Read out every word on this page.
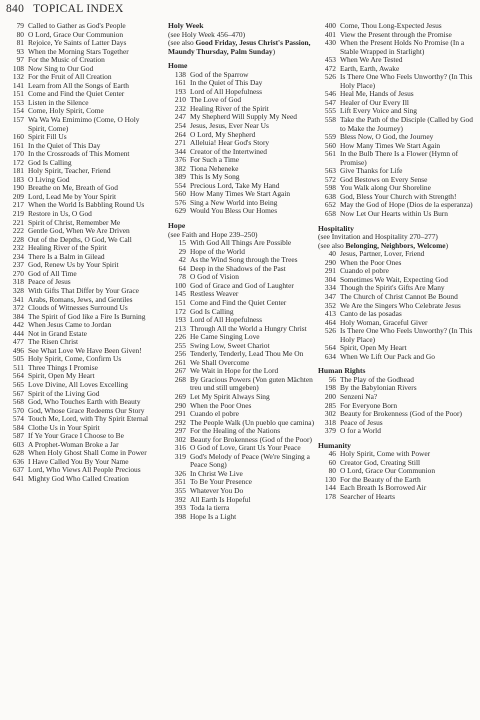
840 TOPICAL INDEX
79 Called to Gather as God's People
80 O Lord, Grace Our Communion
81 Rejoice, Ye Saints of Latter Days
93 When the Morning Stars Together
97 For the Music of Creation
108 Now Sing to Our God
132 For the Fruit of All Creation
141 Learn from All the Songs of Earth
151 Come and Find the Quiet Center
153 Listen in the Silence
154 Come, Holy Spirit, Come
157 Wa Wa Wa Emimimo (Come, O Holy Spirit, Come)
160 Spirit Fill Us
161 In the Quiet of This Day
170 In the Crossroads of This Moment
172 God Is Calling
181 Holy Spirit, Teacher, Friend
183 O Living God
190 Breathe on Me, Breath of God
209 Lord, Lead Me by Your Spirit
217 When the World Is Babbling Round Us
219 Restore in Us, O God
221 Spirit of Christ, Remember Me
222 Gentle God, When We Are Driven
228 Out of the Depths, O God, We Call
232 Healing River of the Spirit
234 There Is a Balm in Gilead
237 God, Renew Us by Your Spirit
270 God of All Time
318 Peace of Jesus
328 With Gifts That Differ by Your Grace
341 Arabs, Romans, Jews, and Gentiles
372 Clouds of Witnesses Surround Us
384 The Spirit of God like a Fire Is Burning
442 When Jesus Came to Jordan
444 Not in Grand Estate
477 The Risen Christ
496 See What Love We Have Been Given!
505 Holy Spirit, Come, Confirm Us
511 Three Things I Promise
564 Spirit, Open My Heart
565 Love Divine, All Loves Excelling
567 Spirit of the Living God
568 God, Who Touches Earth with Beauty
570 God, Whose Grace Redeems Our Story
574 Touch Me, Lord, with Thy Spirit Eternal
584 Clothe Us in Your Spirit
587 If Ye Your Grace I Choose to Be
603 A Prophet-Woman Broke a Jar
628 When Holy Ghost Shall Come in Power
636 I Have Called You By Your Name
637 Lord, Who Views All People Precious
641 Mighty God Who Called Creation
Holy Week
(see Holy Week 456–470)
(see also Good Friday, Jesus Christ's Passion, Maundy Thursday, Palm Sunday)
Home
138 God of the Sparrow
161 In the Quiet of This Day
193 Lord of All Hopefulness
210 The Love of God
232 Healing River of the Spirit
247 My Shepherd Will Supply My Need
254 Jesus, Jesus, Ever Near Us
264 O Lord, My Shepherd
271 Alleluia! Hear God's Story
344 Creator of the Intertwined
376 For Such a Time
382 Tiona Neheneke
389 This Is My Song
554 Precious Lord, Take My Hand
560 How Many Times We Start Again
576 Sing a New World into Being
629 Would You Bless Our Homes
Hope
(see Faith and Hope 239–250)
15 With God All Things Are Possible
29 Hope of the World
42 As the Wind Song through the Trees
64 Deep in the Shadows of the Past
78 O God of Vision
100 God of Grace and God of Laughter
145 Restless Weaver
151 Come and Find the Quiet Center
172 God Is Calling
193 Lord of All Hopefulness
213 Through All the World a Hungry Christ
226 He Came Singing Love
255 Swing Low, Sweet Chariot
256 Tenderly, Tenderly, Lead Thou Me On
261 We Shall Overcome
267 We Wait in Hope for the Lord
268 By Gracious Powers (Von guten Mächten treu und still umgeben)
269 Let My Spirit Always Sing
290 When the Poor Ones
291 Cuando el pobre
292 The People Walk (Un pueblo que camina)
297 For the Healing of the Nations
302 Beauty for Brokenness (God of the Poor)
316 O God of Love, Grant Us Your Peace
319 God's Melody of Peace (We're Singing a Peace Song)
326 In Christ We Live
351 To Be Your Presence
355 Whatever You Do
392 All Earth Is Hopeful
393 Toda la tierra
398 Hope Is a Light
400 Come, Thou Long-Expected Jesus
401 View the Present through the Promise
430 When the Present Holds No Promise (In a Stable Wrapped in Starlight)
453 When We Are Tested
472 Earth, Earth, Awake
526 Is There One Who Feels Unworthy? (In This Holy Place)
546 Heal Me, Hands of Jesus
547 Healer of Our Every Ill
555 Lift Every Voice and Sing
558 Take the Path of the Disciple (Called by God to Make the Journey)
559 Bless Now, O God, the Journey
560 How Many Times We Start Again
561 In the Bulb There Is a Flower (Hymn of Promise)
563 Give Thanks for Life
572 God Bestows on Every Sense
598 You Walk along Our Shoreline
638 God, Bless Your Church with Strength!
652 May the God of Hope (Dios de la esperanza)
658 Now Let Our Hearts within Us Burn
Hospitality
(see Invitation and Hospitality 270–277)
(see also Belonging, Neighbors, Welcome)
40 Jesus, Partner, Lover, Friend
290 When the Poor Ones
291 Cuando el pobre
304 Sometimes We Wait, Expecting God
334 Though the Spirit's Gifts Are Many
347 The Church of Christ Cannot Be Bound
352 We Are the Singers Who Celebrate Jesus
413 Canto de las posadas
464 Holy Woman, Graceful Giver
526 Is There One Who Feels Unworthy? (In This Holy Place)
564 Spirit, Open My Heart
634 When We Lift Our Pack and Go
Human Rights
56 The Play of the Godhead
198 By the Babylonian Rivers
200 Senzeni Na?
285 For Everyone Born
302 Beauty for Brokenness (God of the Poor)
318 Peace of Jesus
379 O for a World
Humanity
46 Holy Spirit, Come with Power
60 Creator God, Creating Still
80 O Lord, Grace Our Communion
130 For the Beauty of the Earth
144 Each Breath Is Borrowed Air
178 Searcher of Hearts
